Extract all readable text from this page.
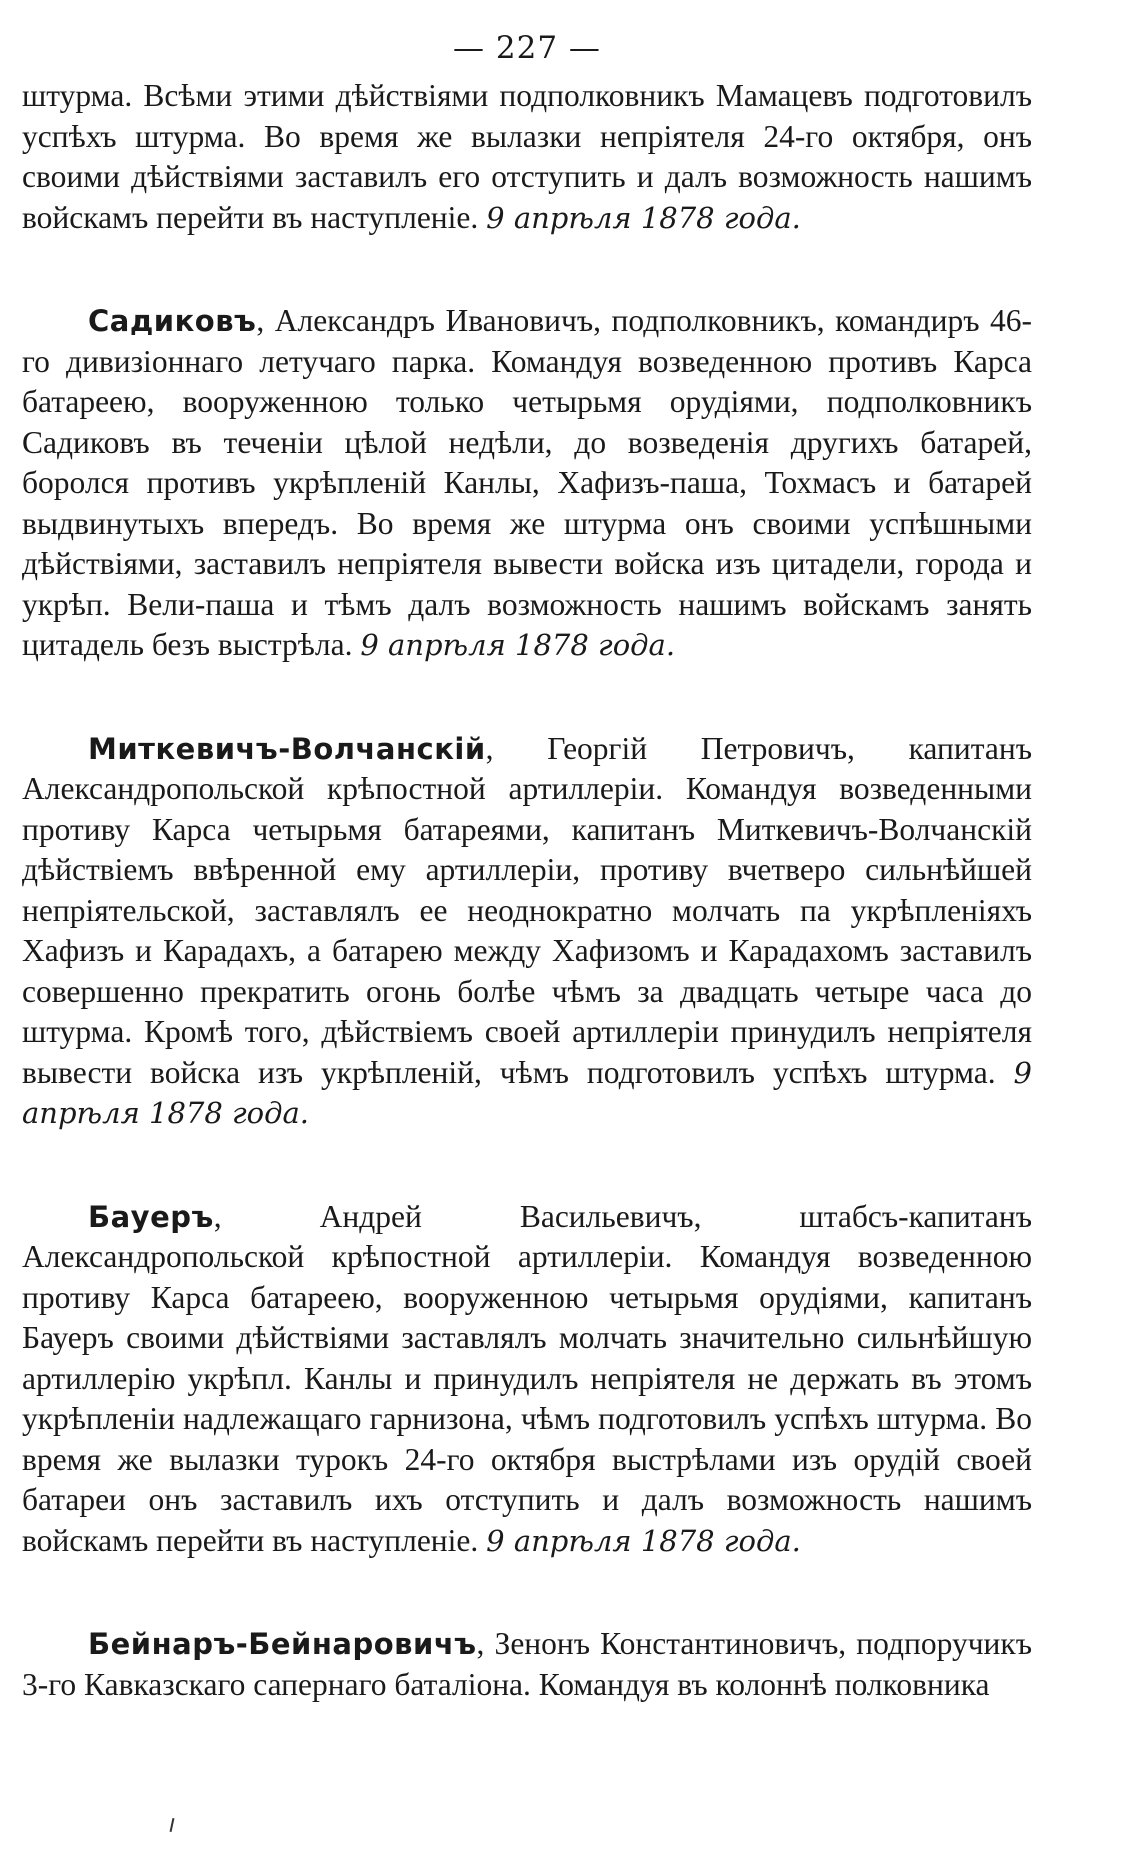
— 227 —

штурма. Всѣми этими дѣйствіями подполковникъ Мамацевъ подготовилъ успѣхъ штурма. Во время же вылазки непріятеля 24-го октября, онъ своими дѣйствіями заставилъ его отступить и далъ возможность нашимъ войскамъ перейти въ наступленіе. 9 апрѣля 1878 года.

Садиковъ, Александръ Ивановичъ, подполковникъ, командиръ 46-го дивизіоннаго летучаго парка. Командуя возведенною противъ Карса батареею, вооруженною только четырьмя орудіями, подполковникъ Садиковъ въ теченіи цѣлой недѣли, до возведенія другихъ батарей, боролся противъ укрѣпленій Канлы, Хафизъ-паша, Тохмасъ и батарей выдвинутыхъ впередъ. Во время же штурма онъ своими успѣшными дѣйствіями, заставилъ непріятеля вывести войска изъ цитадели, города и укрѣп. Вели-паша и тѣмъ далъ возможность нашимъ войскамъ занять цитадель безъ выстрѣла. 9 апрѣля 1878 года.

Миткевичъ-Волчанскій, Георгій Петровичъ, капитанъ Александропольской крѣпостной артиллеріи. Командуя возведенными противу Карса четырьмя батареями, капитанъ Миткевичъ-Волчанскій дѣйствіемъ ввѣренной ему артиллеріи, противу вчетверо сильнѣйшей непріятельской, заставлялъ ее неоднократно молчать па укрѣпленіяхъ Хафизъ и Карадахъ, а батарею между Хафизомъ и Карадахомъ заставилъ совершенно прекратить огонь болѣе чѣмъ за двадцать четыре часа до штурма. Кромѣ того, дѣйствіемъ своей артиллеріи принудилъ непріятеля вывести войска изъ укрѣпленій, чѣмъ подготовилъ успѣхъ штурма. 9 апрѣля 1878 года.

Бауеръ, Андрей Васильевичъ, штабсъ-капитанъ Александропольской крѣпостной артиллеріи. Командуя возведенною противу Карса батареею, вооруженною четырьмя орудіями, капитанъ Бауеръ своими дѣйствіями заставлялъ молчать значительно сильнѣйшую артиллерію укрѣпл. Канлы и принудилъ непріятеля не держать въ этомъ укрѣпленіи надлежащаго гарнизона, чѣмъ подготовилъ успѣхъ штурма. Во время же вылазки турокъ 24-го октября выстрѣлами изъ орудій своей батареи онъ заставилъ ихъ отступить и далъ возможность нашимъ войскамъ перейти въ наступленіе. 9 апрѣля 1878 года.

Бейнаръ-Бейнаровичъ, Зенонъ Константиновичъ, подпоручикъ 3-го Кавказскаго сапернаго баталіона. Командуя въ колоннѣ полковника
